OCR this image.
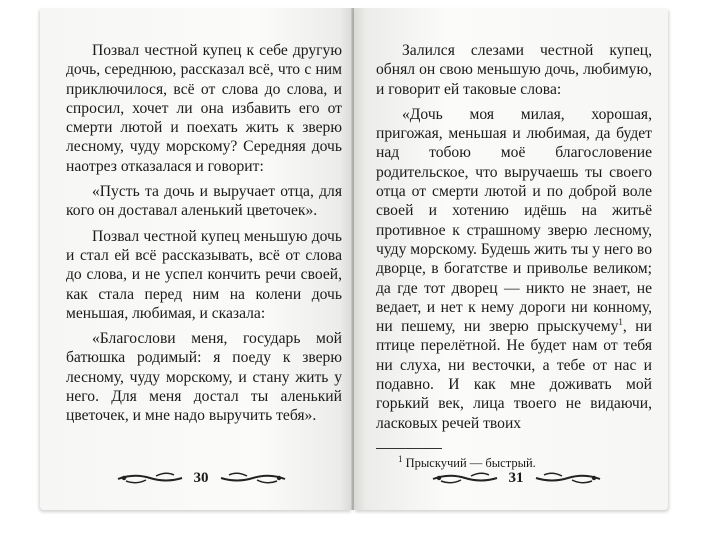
Позвал честной купец к себе другую дочь, середнюю, рассказал всё, что с ним приключилося, всё от слова до слова, и спросил, хочет ли она избавить его от смерти лютой и поехать жить к зверю лесному, чуду морскому? Середняя дочь наотрез отказалася и говорит:

«Пусть та дочь и выручает отца, для кого он доставал аленький цветочек».

Позвал честной купец меньшую дочь и стал ей всё рассказывать, всё от слова до слова, и не успел кончить речи своей, как стала перед ним на колени дочь меньшая, любимая, и сказала:

«Благослови меня, государь мой батюшка родимый: я поеду к зверю лесному, чуду морскому, и стану жить у него. Для меня достал ты аленький цветочек, и мне надо выручить тебя».

30

Залился слезами честной купец, обнял он свою меньшую дочь, любимую, и говорит ей таковые слова:

«Дочь моя милая, хорошая, пригожая, меньшая и любимая, да будет над тобою моё благословение родительское, что выручаешь ты своего отца от смерти лютой и по доброй воле своей и хотению идёшь на житьё противное к страшному зверю лесному, чуду морскому. Будешь жить ты у него во дворце, в богатстве и приволье великом; да где тот дворец — никто не знает, не ведает, и нет к нему дороги ни конному, ни пешему, ни зверю прыскучему$^1$, ни птице перелётной. Не будет нам от тебя ни слуха, ни весточки, а тебе от нас и подавно. И как мне доживать мой горький век, лица твоего не видаючи, ласковых речей твоих

$^1$ Прыскучий — быстрый.
31
